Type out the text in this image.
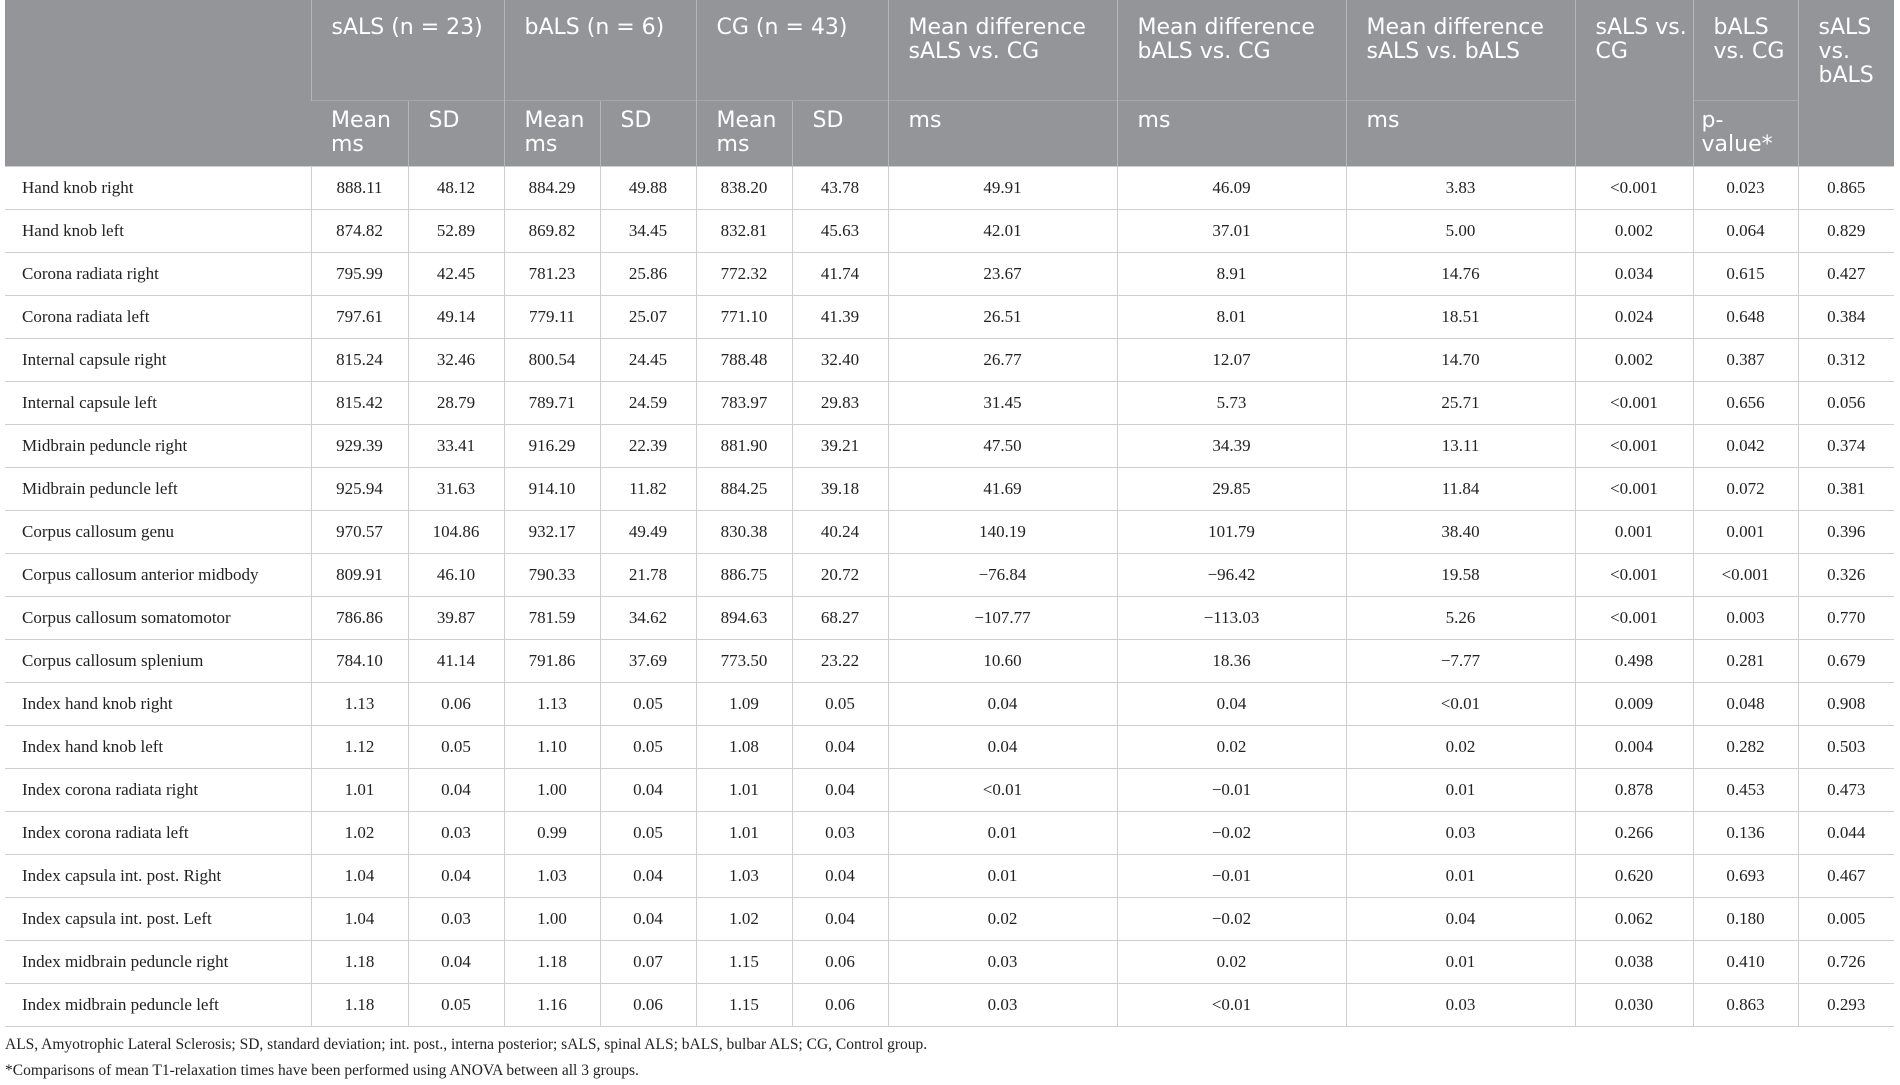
	sALS (n = 23)		bALS (n = 6)		CG (n = 43)		Mean difference sALS vs. CG	Mean difference bALS vs. CG	Mean difference sALS vs. bALS	sALS vs. CG	bALS vs. CG	sALS vs. bALS
	Mean ms	SD	Mean ms	SD	Mean ms	SD	ms	ms	ms		p-value*	
Hand knob right	888.11	48.12	884.29	49.88	838.20	43.78	49.91	46.09	3.83	<0.001	0.023	0.865
Hand knob left	874.82	52.89	869.82	34.45	832.81	45.63	42.01	37.01	5.00	0.002	0.064	0.829
Corona radiata right	795.99	42.45	781.23	25.86	772.32	41.74	23.67	8.91	14.76	0.034	0.615	0.427
Corona radiata left	797.61	49.14	779.11	25.07	771.10	41.39	26.51	8.01	18.51	0.024	0.648	0.384
Internal capsule right	815.24	32.46	800.54	24.45	788.48	32.40	26.77	12.07	14.70	0.002	0.387	0.312
Internal capsule left	815.42	28.79	789.71	24.59	783.97	29.83	31.45	5.73	25.71	<0.001	0.656	0.056
Midbrain peduncle right	929.39	33.41	916.29	22.39	881.90	39.21	47.50	34.39	13.11	<0.001	0.042	0.374
Midbrain peduncle left	925.94	31.63	914.10	11.82	884.25	39.18	41.69	29.85	11.84	<0.001	0.072	0.381
Corpus callosum genu	970.57	104.86	932.17	49.49	830.38	40.24	140.19	101.79	38.40	0.001	0.001	0.396
Corpus callosum anterior midbody	809.91	46.10	790.33	21.78	886.75	20.72	−76.84	−96.42	19.58	<0.001	<0.001	0.326
Corpus callosum somatomotor	786.86	39.87	781.59	34.62	894.63	68.27	−107.77	−113.03	5.26	<0.001	0.003	0.770
Corpus callosum splenium	784.10	41.14	791.86	37.69	773.50	23.22	10.60	18.36	−7.77	0.498	0.281	0.679
Index hand knob right	1.13	0.06	1.13	0.05	1.09	0.05	0.04	0.04	<0.01	0.009	0.048	0.908
Index hand knob left	1.12	0.05	1.10	0.05	1.08	0.04	0.04	0.02	0.02	0.004	0.282	0.503
Index corona radiata right	1.01	0.04	1.00	0.04	1.01	0.04	<0.01	−0.01	0.01	0.878	0.453	0.473
Index corona radiata left	1.02	0.03	0.99	0.05	1.01	0.03	0.01	−0.02	0.03	0.266	0.136	0.044
Index capsula int. post. Right	1.04	0.04	1.03	0.04	1.03	0.04	0.01	−0.01	0.01	0.620	0.693	0.467
Index capsula int. post. Left	1.04	0.03	1.00	0.04	1.02	0.04	0.02	−0.02	0.04	0.062	0.180	0.005
Index midbrain peduncle right	1.18	0.04	1.18	0.07	1.15	0.06	0.03	0.02	0.01	0.038	0.410	0.726
Index midbrain peduncle left	1.18	0.05	1.16	0.06	1.15	0.06	0.03	<0.01	0.03	0.030	0.863	0.293
ALS, Amyotrophic Lateral Sclerosis; SD, standard deviation; int. post., interna posterior; sALS, spinal ALS; bALS, bulbar ALS; CG, Control group.
*Comparisons of mean T1-relaxation times have been performed using ANOVA between all 3 groups.
